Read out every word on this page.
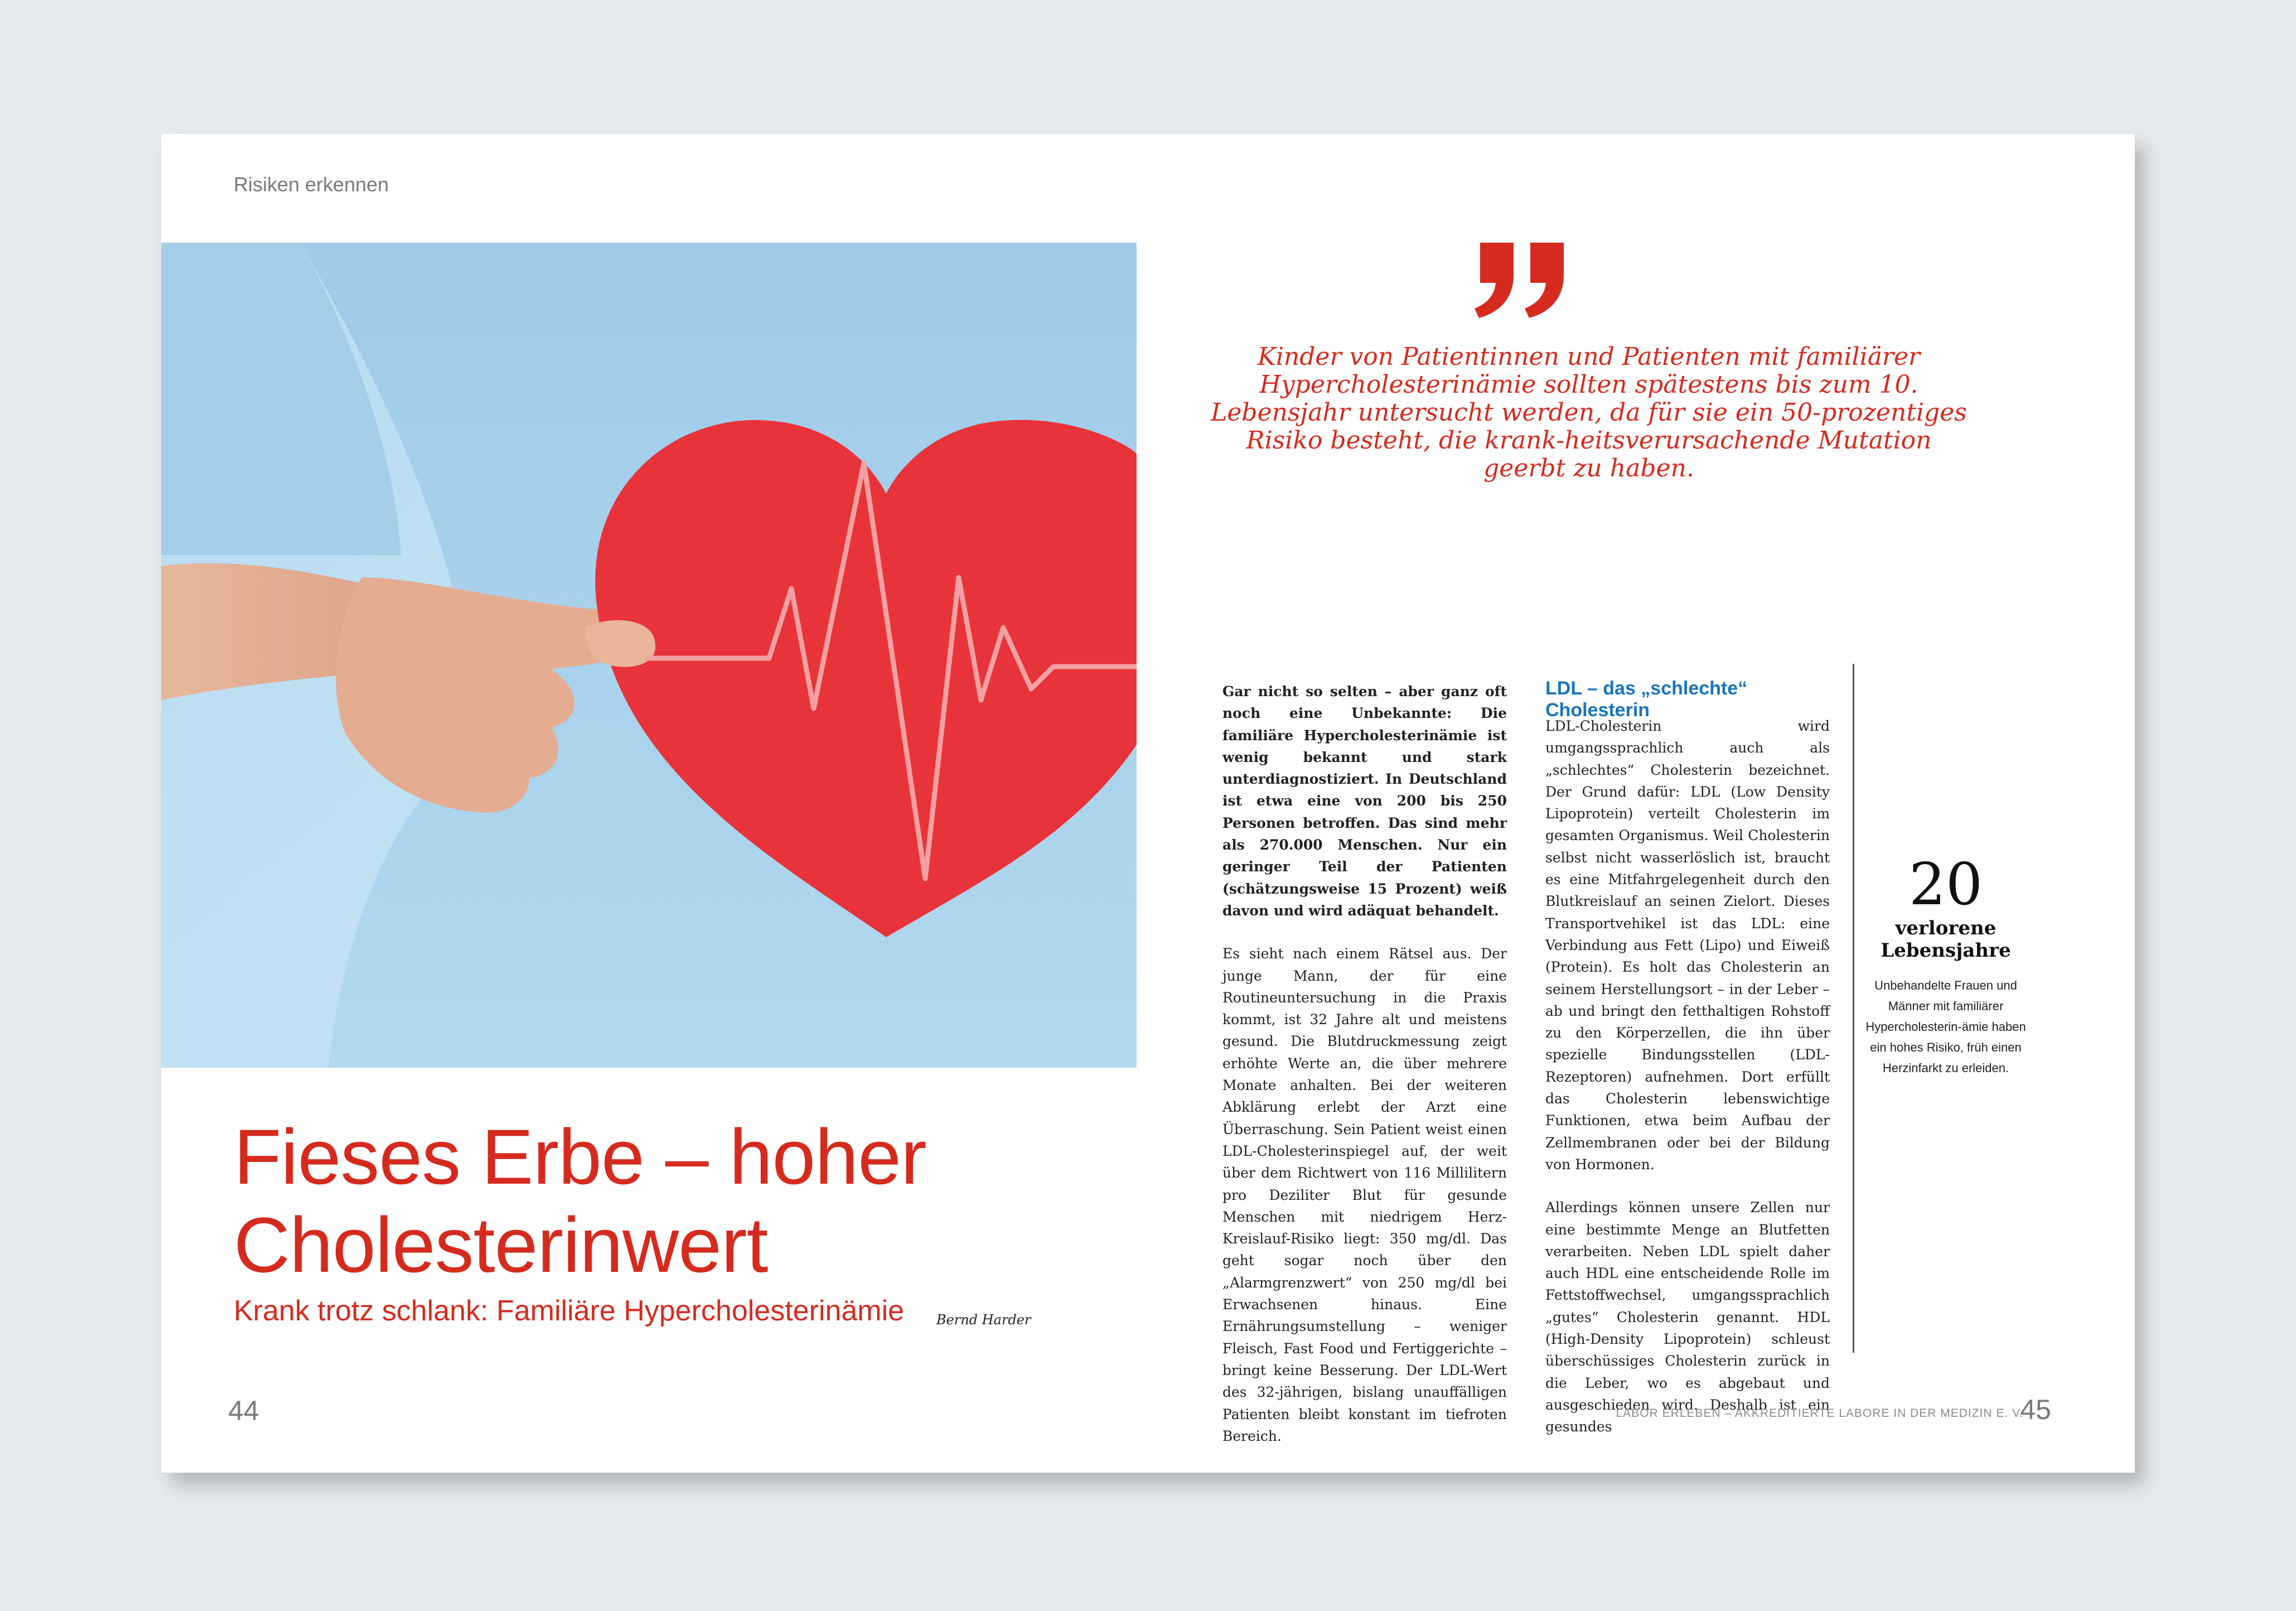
Risiken erkennen
Fieses Erbe – hoher Cholesterinwert
Krank trotz schlank: Familiäre Hypercholesterinämie Bernd Harder
44

Kinder von Patientinnen und Patienten mit familiärer Hypercholesterinämie sollten spätestens bis zum 10. Lebensjahr untersucht werden, da für sie ein 50-prozentiges Risiko besteht, die krank-heitsverursachende Mutation geerbt zu haben.

Gar nicht so selten – aber ganz oft noch eine Unbekannte: Die familiäre Hypercholesterinämie ist wenig bekannt und stark unterdiagnostiziert. In Deutschland ist etwa eine von 200 bis 250 Personen betroffen. Das sind mehr als 270.000 Menschen. Nur ein geringer Teil der Patienten (schätzungsweise 15 Prozent) weiß davon und wird adäquat behandelt.

Es sieht nach einem Rätsel aus. Der junge Mann, der für eine Routineuntersuchung in die Praxis kommt, ist 32 Jahre alt und meistens gesund. Die Blutdruckmessung zeigt erhöhte Werte an, die über mehrere Monate anhalten. Bei der weiteren Abklärung erlebt der Arzt eine Überraschung. Sein Patient weist einen LDL-Cholesterinspiegel auf, der weit über dem Richtwert von 116 Millilitern pro Deziliter Blut für gesunde Menschen mit niedrigem Herz-Kreislauf-Risiko liegt: 350 mg/dl. Das geht sogar noch über den „Alarmgrenzwert“ von 250 mg/dl bei Erwachsenen hinaus. Eine Ernährungsumstellung – weniger Fleisch, Fast Food und Fertiggerichte – bringt keine Besserung. Der LDL-Wert des 32-jährigen, bislang unauffälligen Patienten bleibt konstant im tiefroten Bereich.

LDL – das „schlechte“ Cholesterin

LDL-Cholesterin wird umgangssprachlich auch als „schlechtes“ Cholesterin bezeichnet. Der Grund dafür: LDL (Low Density Lipoprotein) verteilt Cholesterin im gesamten Organismus. Weil Cholesterin selbst nicht wasserlöslich ist, braucht es eine Mitfahrgelegenheit durch den Blutkreislauf an seinen Zielort. Dieses Transportvehikel ist das LDL: eine Verbindung aus Fett (Lipo) und Eiweiß (Protein). Es holt das Cholesterin an seinem Herstellungsort – in der Leber – ab und bringt den fetthaltigen Rohstoff zu den Körperzellen, die ihn über spezielle Bindungsstellen (LDL-Rezeptoren) aufnehmen. Dort erfüllt das Cholesterin lebenswichtige Funktionen, etwa beim Aufbau der Zellmembranen oder bei der Bildung von Hormonen.

Allerdings können unsere Zellen nur eine bestimmte Menge an Blutfetten verarbeiten. Neben LDL spielt daher auch HDL eine entscheidende Rolle im Fettstoffwechsel, umgangssprachlich „gutes“ Cholesterin genannt. HDL (High-Density Lipoprotein) schleust überschüssiges Cholesterin zurück in die Leber, wo es abgebaut und ausgeschieden wird. Deshalb ist ein gesundes

20
verlorene Lebensjahre
Unbehandelte Frauen und Männer mit familiärer Hypercholesterin-ämie haben ein hohes Risiko, früh einen Herzinfarkt zu erleiden.
LABOR ERLEBEN – AKKREDITIERTE LABORE IN DER MEDIZIN E. V.
45
